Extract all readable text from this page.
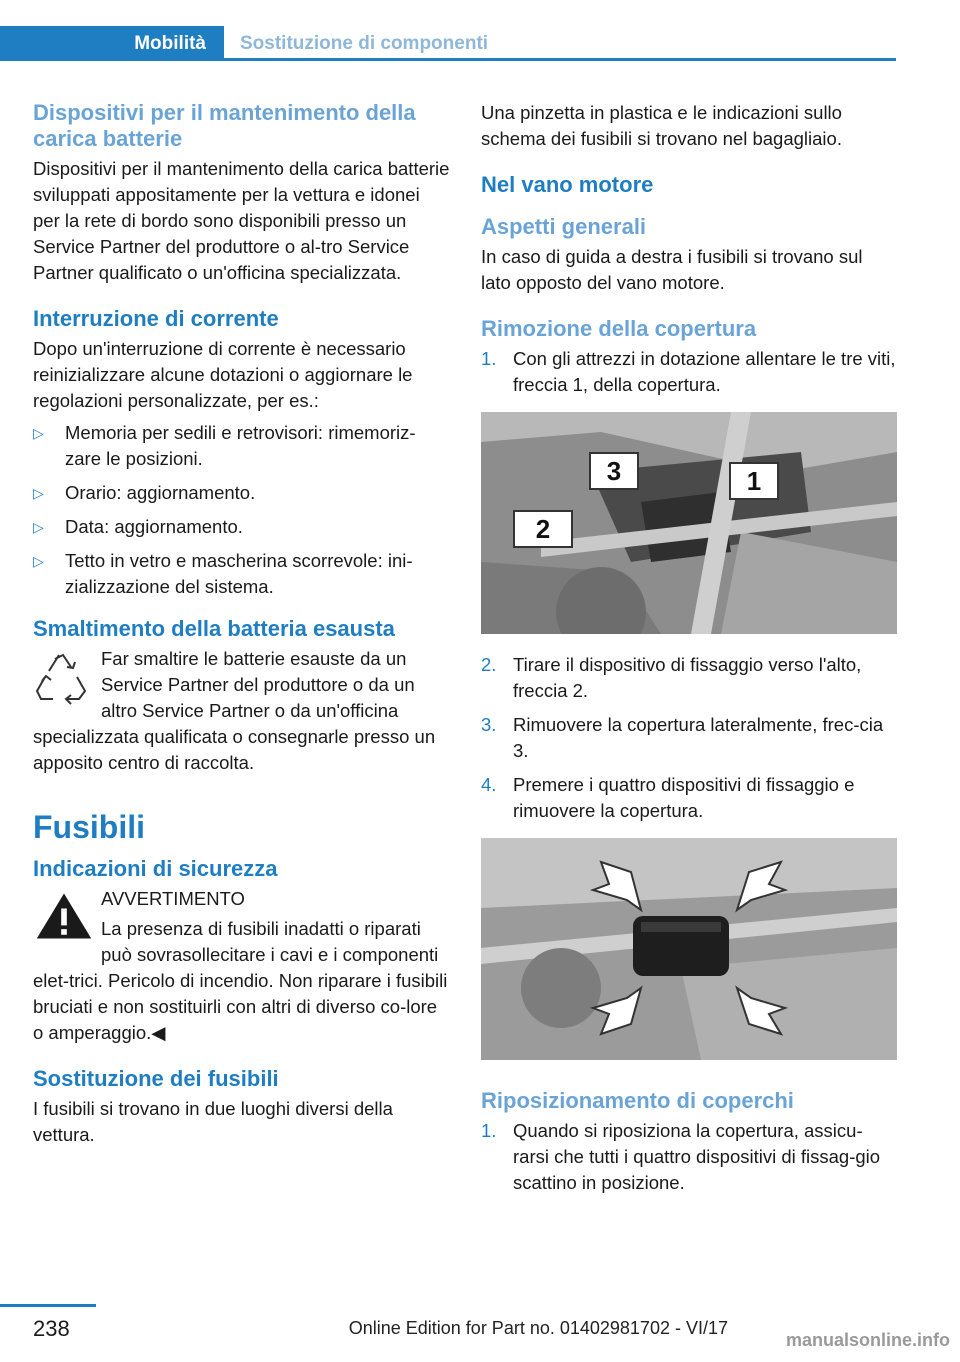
Mobilità Sostituzione di componenti
Dispositivi per il mantenimento della carica batterie

Dispositivi per il mantenimento della carica batterie sviluppati appositamente per la vettura e idonei per la rete di bordo sono disponibili presso un Service Partner del produttore o al-tro Service Partner qualificato o un'officina specializzata.

Interruzione di corrente

Dopo un'interruzione di corrente è necessario reinizializzare alcune dotazioni o aggiornare le regolazioni personalizzate, per es.:

▷ Memoria per sedili e retrovisori: rimemoriz-zare le posizioni.
▷ Orario: aggiornamento.
▷ Data: aggiornamento.
▷ Tetto in vetro e mascherina scorrevole: ini-zializzazione del sistema.
Smaltimento della batteria esausta

Far smaltire le batterie esauste da un Service Partner del produttore o da un altro Service Partner o da un'officina specializzata qualificata o consegnarle presso un apposito centro di raccolta.

Fusibili
Indicazioni di sicurezza

AVVERTIMENTO

La presenza di fusibili inadatti o riparati può sovrasollecitare i cavi e i componenti elet-trici. Pericolo di incendio. Non riparare i fusibili bruciati e non sostituirli con altri di diverso co-lore o amperaggio.◀

Sostituzione dei fusibili

I fusibili si trovano in due luoghi diversi della vettura.

Una pinzetta in plastica e le indicazioni sullo schema dei fusibili si trovano nel bagagliaio.

Nel vano motore
Aspetti generali

In caso di guida a destra i fusibili si trovano sul lato opposto del vano motore.

Rimozione della copertura
1. Con gli attrezzi in dotazione allentare le tre viti, freccia 1, della copertura.
3	1
2
2. Tirare il dispositivo di fissaggio verso l'alto, freccia 2.
3. Rimuovere la copertura lateralmente, frec-cia 3.
4. Premere i quattro dispositivi di fissaggio e rimuovere la copertura.
Riposizionamento di coperchi
1. Quando si riposiziona la copertura, assicu-rarsi che tutti i quattro dispositivi di fissag-gio scattino in posizione.
238	Online Edition for Part no. 01402981702 - VI/17
manualsonline.info
